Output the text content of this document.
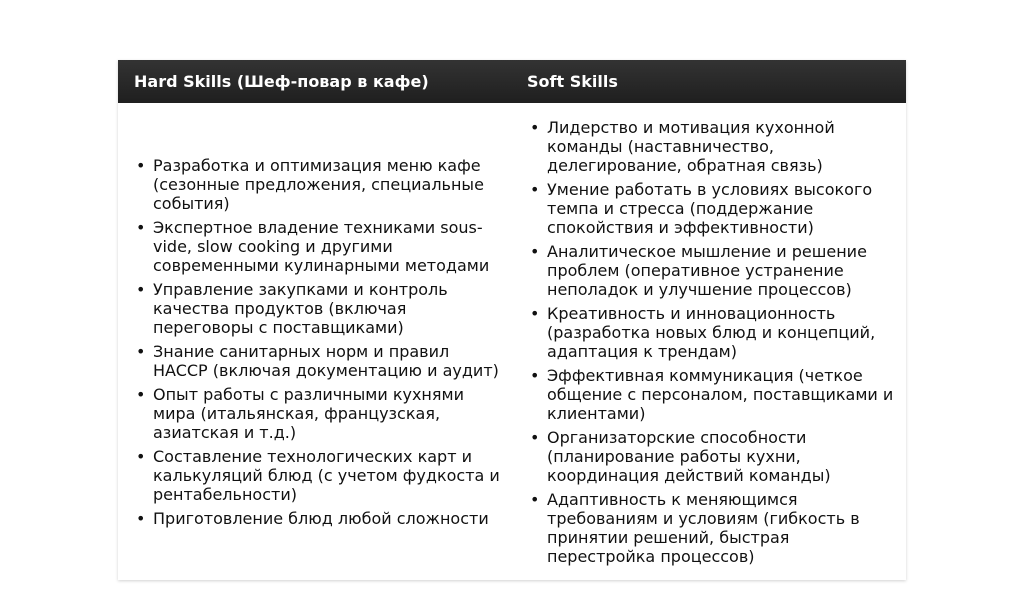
Hard Skills (Шеф-повар в кафе)	Soft Skills
• Разработка и оптимизация меню кафе (сезонные предложения, специальные события)
• Экспертное владение техниками sous-vide, slow cooking и другими современными кулинарными методами
• Управление закупками и контроль качества продуктов (включая переговоры с поставщиками)
• Знание санитарных норм и правил HACCP (включая документацию и аудит)
• Опыт работы с различными кухнями мира (итальянская, французская, азиатская и т.д.)
• Составление технологических карт и калькуляций блюд (с учетом фудкоста и рентабельности)
• Приготовление блюд любой сложности
• Лидерство и мотивация кухонной команды (наставничество, делегирование, обратная связь)
• Умение работать в условиях высокого темпа и стресса (поддержание спокойствия и эффективности)
• Аналитическое мышление и решение проблем (оперативное устранение неполадок и улучшение процессов)
• Креативность и инновационность (разработка новых блюд и концепций, адаптация к трендам)
• Эффективная коммуникация (четкое общение с персоналом, поставщиками и клиентами)
• Организаторские способности (планирование работы кухни, координация действий команды)
• Адаптивность к меняющимся требованиям и условиям (гибкость в принятии решений, быстрая перестройка процессов)
